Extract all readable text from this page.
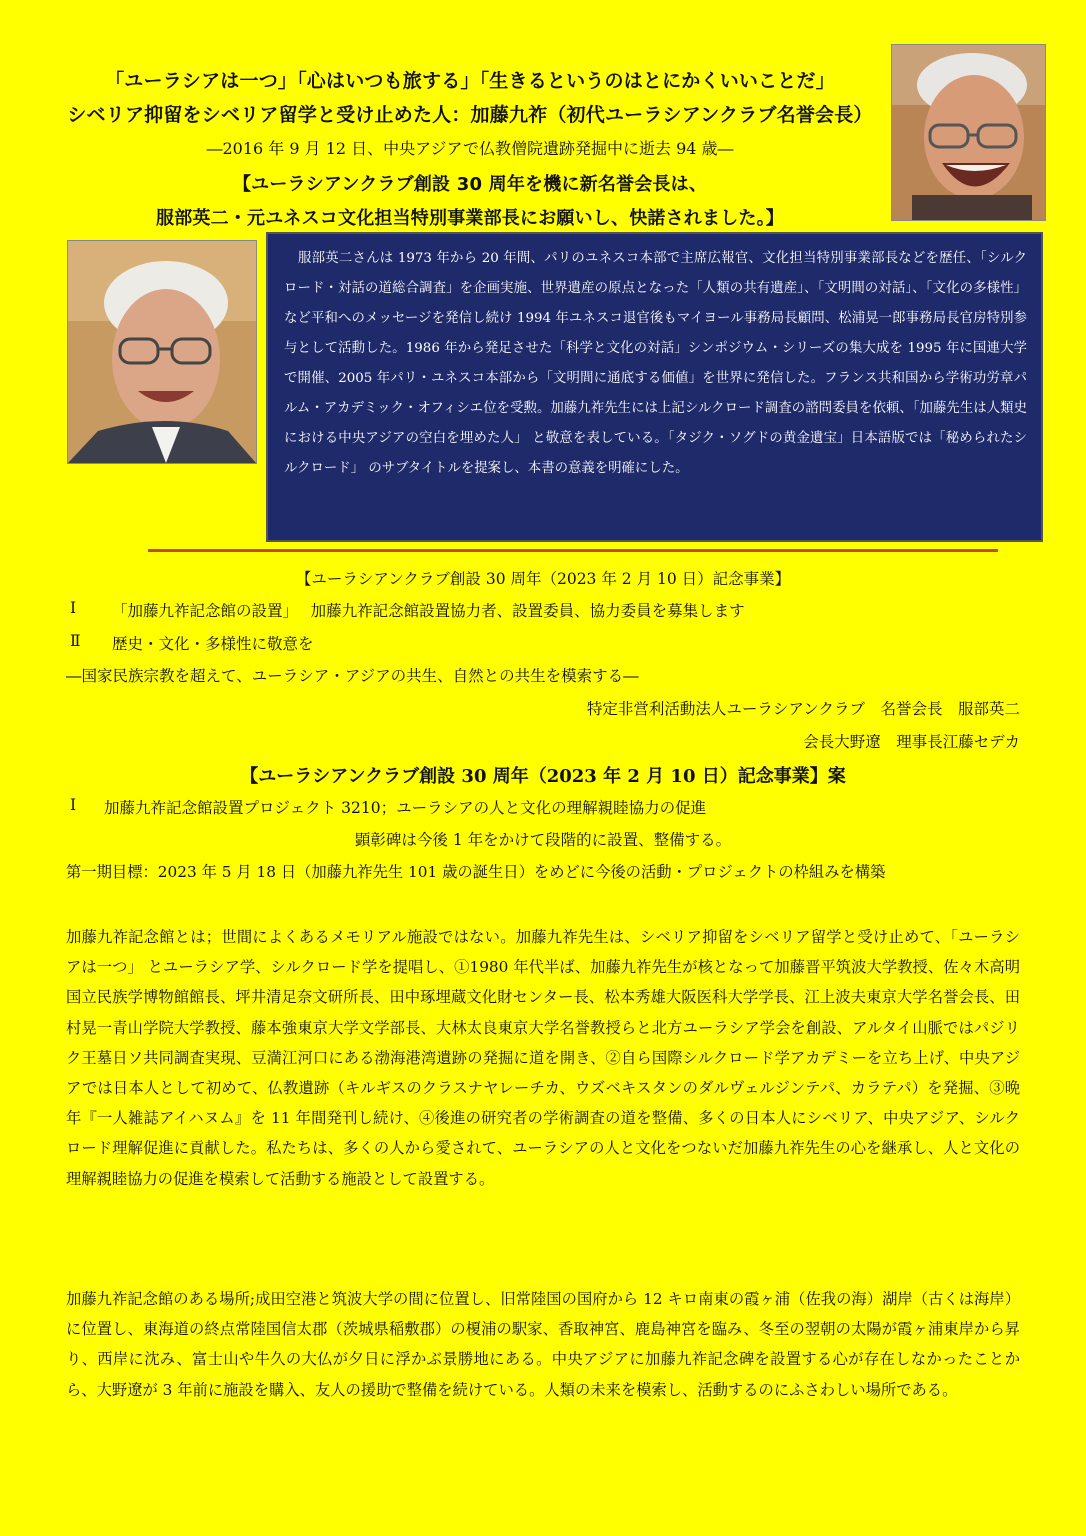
「ユーラシアは一つ」「心はいつも旅する」「生きるというのはとにかくいいことだ」
シベリア抑留をシベリア留学と受け止めた人：加藤九祚（初代ユーラシアンクラブ名誉会長）
―2016 年 9 月 12 日、中央アジアで仏教僧院遺跡発掘中に逝去 94 歳―
【ユーラシアンクラブ創設 30 周年を機に新名誉会長は、
服部英二・元ユネスコ文化担当特別事業部長にお願いし、快諾されました。】
服部英二さんは 1973 年から 20 年間、パリのユネスコ本部で主席広報官、文化担当特別事業部長などを歴任、「シルクロード・対話の道総合調査」を企画実施、世界遺産の原点となった「人類の共有遺産」、「文明間の対話」、「文化の多様性」 など平和へのメッセージを発信し続け 1994 年ユネスコ退官後もマイヨール事務局長顧問、松浦晃一郎事務局長官房特別参与として活動した。1986 年から発足させた「科学と文化の対話」シンポジウム・シリーズの集大成を 1995 年に国連大学で開催、2005 年パリ・ユネスコ本部から「文明間に通底する価値」を世界に発信した。フランス共和国から学術功労章パルム・アカデミック・オフィシエ位を受勲。加藤九祚先生には上記シルクロード調査の諮問委員を依頼、「加藤先生は人類史における中央アジアの空白を埋めた人」 と敬意を表している。「タジク・ソグドの黄金遺宝」日本語版では「秘められたシルクロード」 のサブタイトルを提案し、本書の意義を明確にした。
【ユーラシアンクラブ創設 30 周年（2023 年 2 月 10 日）記念事業】
Ⅰ 「加藤九祚記念館の設置」　 加藤九祚記念館設置協力者、設置委員、協力委員を募集します
Ⅱ 歴史・文化・多様性に敬意を
―国家民族宗教を超えて、ユーラシア・アジアの共生、自然との共生を模索する―
特定非営利活動法人ユーラシアンクラブ　名誉会長　服部英二
会長大野遼　理事長江藤セデカ
【ユーラシアンクラブ創設 30 周年（2023 年 2 月 10 日）記念事業】案
Ⅰ 加藤九祚記念館設置プロジェクト 3210；ユーラシアの人と文化の理解親睦協力の促進
顕彰碑は今後 1 年をかけて段階的に設置、整備する。
第一期目標：2023 年 5 月 18 日（加藤九祚先生 101 歳の誕生日）をめどに今後の活動・プロジェクトの枠組みを構築
加藤九祚記念館とは；世間によくあるメモリアル施設ではない。加藤九祚先生は、シベリア抑留をシベリア留学と受け止めて、「ユーラシアは一つ」 とユーラシア学、シルクロード学を提唱し、①1980 年代半ば、加藤九祚先生が核となって加藤晋平筑波大学教授、佐々木高明国立民族学博物館館長、坪井清足奈文研所長、田中琢埋蔵文化財センター長、松本秀雄大阪医科大学学長、江上波夫東京大学名誉会長、田村晃一青山学院大学教授、藤本強東京大学文学部長、大林太良東京大学名誉教授らと北方ユーラシア学会を創設、アルタイ山脈ではパジリク王墓日ソ共同調査実現、豆満江河口にある渤海港湾遺跡の発掘に道を開き、②自ら国際シルクロード学アカデミーを立ち上げ、中央アジアでは日本人として初めて、仏教遺跡（キルギスのクラスナヤレーチカ、ウズベキスタンのダルヴェルジンテパ、カラテパ）を発掘、③晩年『一人雑誌アイハヌム』を 11 年間発刊し続け、④後進の研究者の学術調査の道を整備、多くの日本人にシベリア、中央アジア、シルクロード理解促進に貢献した。私たちは、多くの人から愛されて、ユーラシアの人と文化をつないだ加藤九祚先生の心を継承し、人と文化の理解親睦協力の促進を模索して活動する施設として設置する。
加藤九祚記念館のある場所;成田空港と筑波大学の間に位置し、旧常陸国の国府から 12 キロ南東の霞ヶ浦（佐我の海）湖岸（古くは海岸）に位置し、東海道の終点常陸国信太郡（茨城県稲敷郡）の榎浦の駅家、香取神宮、鹿島神宮を臨み、冬至の翌朝の太陽が霞ヶ浦東岸から昇り、西岸に沈み、富士山や牛久の大仏が夕日に浮かぶ景勝地にある。中央アジアに加藤九祚記念碑を設置する心が存在しなかったことから、大野遼が 3 年前に施設を購入、友人の援助で整備を続けている。人類の未来を模索し、活動するのにふさわしい場所である。
